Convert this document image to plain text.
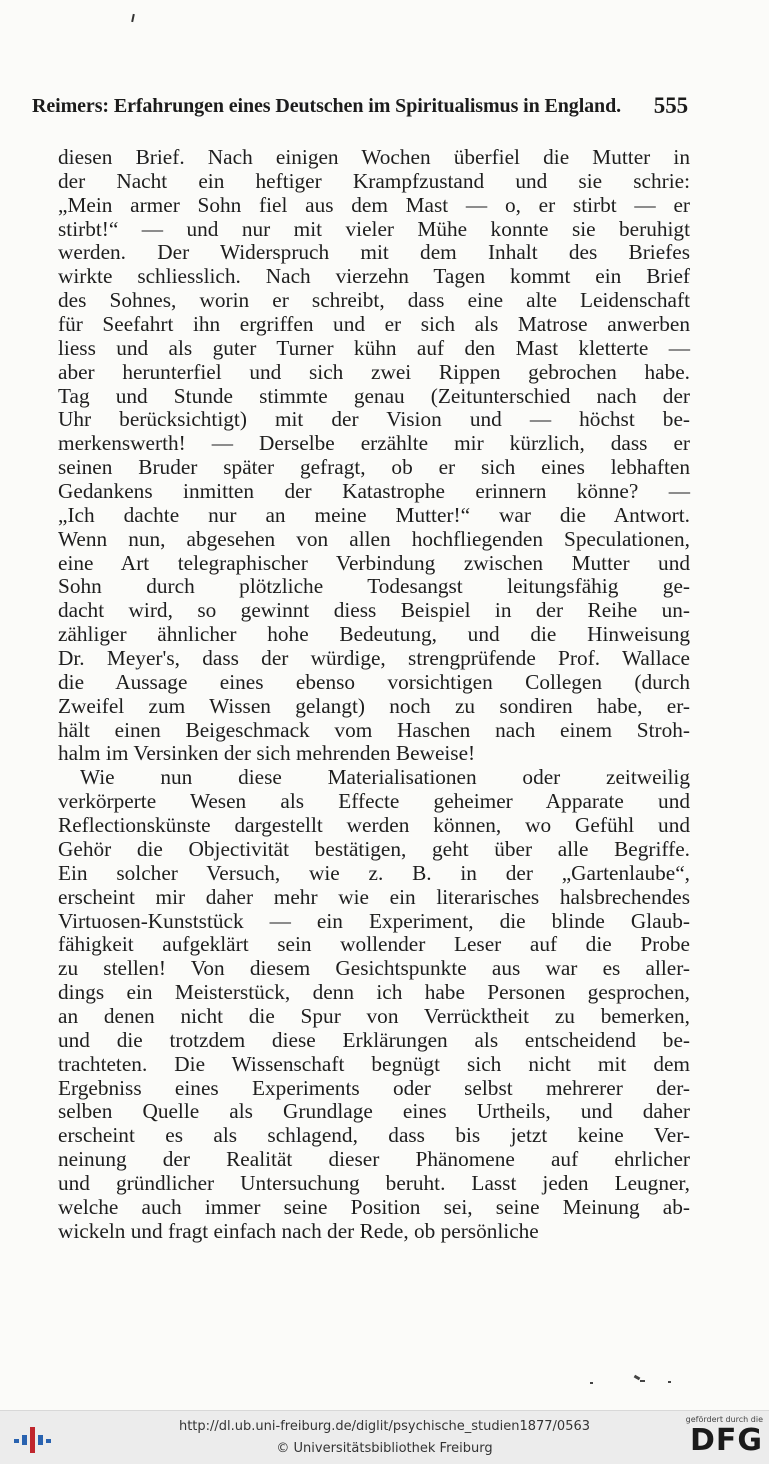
Reimers: Erfahrungen eines Deutschen im Spiritualismus in England. 555
diesen Brief. Nach einigen Wochen überfiel die Mutter in
der Nacht ein heftiger Krampfzustand und sie schrie:
„Mein armer Sohn fiel aus dem Mast — o, er stirbt — er
stirbt!“ — und nur mit vieler Mühe konnte sie beruhigt
werden. Der Widerspruch mit dem Inhalt des Briefes
wirkte schliesslich. Nach vierzehn Tagen kommt ein Brief
des Sohnes, worin er schreibt, dass eine alte Leidenschaft
für Seefahrt ihn ergriffen und er sich als Matrose anwerben
liess und als guter Turner kühn auf den Mast kletterte —
aber herunterfiel und sich zwei Rippen gebrochen habe.
Tag und Stunde stimmte genau (Zeitunterschied nach der
Uhr berücksichtigt) mit der Vision und — höchst be-
merkenswerth! — Derselbe erzählte mir kürzlich, dass er
seinen Bruder später gefragt, ob er sich eines lebhaften
Gedankens inmitten der Katastrophe erinnern könne? —
„Ich dachte nur an meine Mutter!“ war die Antwort.
Wenn nun, abgesehen von allen hochfliegenden Speculationen,
eine Art telegraphischer Verbindung zwischen Mutter und
Sohn durch plötzliche Todesangst leitungsfähig ge-
dacht wird, so gewinnt diess Beispiel in der Reihe un-
zähliger ähnlicher hohe Bedeutung, und die Hinweisung
Dr. Meyer's, dass der würdige, strengprüfende Prof. Wallace
die Aussage eines ebenso vorsichtigen Collegen (durch
Zweifel zum Wissen gelangt) noch zu sondiren habe, er-
hält einen Beigeschmack vom Haschen nach einem Stroh-
halm im Versinken der sich mehrenden Beweise!
Wie nun diese Materialisationen oder zeitweilig
verkörperte Wesen als Effecte geheimer Apparate und
Reflectionskünste dargestellt werden können, wo Gefühl und
Gehör die Objectivität bestätigen, geht über alle Begriffe.
Ein solcher Versuch, wie z. B. in der „Gartenlaube“,
erscheint mir daher mehr wie ein literarisches halsbrechendes
Virtuosen-Kunststück — ein Experiment, die blinde Glaub-
fähigkeit aufgeklärt sein wollender Leser auf die Probe
zu stellen! Von diesem Gesichtspunkte aus war es aller-
dings ein Meisterstück, denn ich habe Personen gesprochen,
an denen nicht die Spur von Verrücktheit zu bemerken,
und die trotzdem diese Erklärungen als entscheidend be-
trachteten. Die Wissenschaft begnügt sich nicht mit dem
Ergebniss eines Experiments oder selbst mehrerer der-
selben Quelle als Grundlage eines Urtheils, und daher
erscheint es als schlagend, dass bis jetzt keine Ver-
neinung der Realität dieser Phänomene auf ehrlicher
und gründlicher Untersuchung beruht. Lasst jeden Leugner,
welche auch immer seine Position sei, seine Meinung ab-
wickeln und fragt einfach nach der Rede, ob persönliche
http://dl.ub.uni-freiburg.de/diglit/psychische_studien1877/0563
© Universitätsbibliothek Freiburg
gefördert durch die
DFG
